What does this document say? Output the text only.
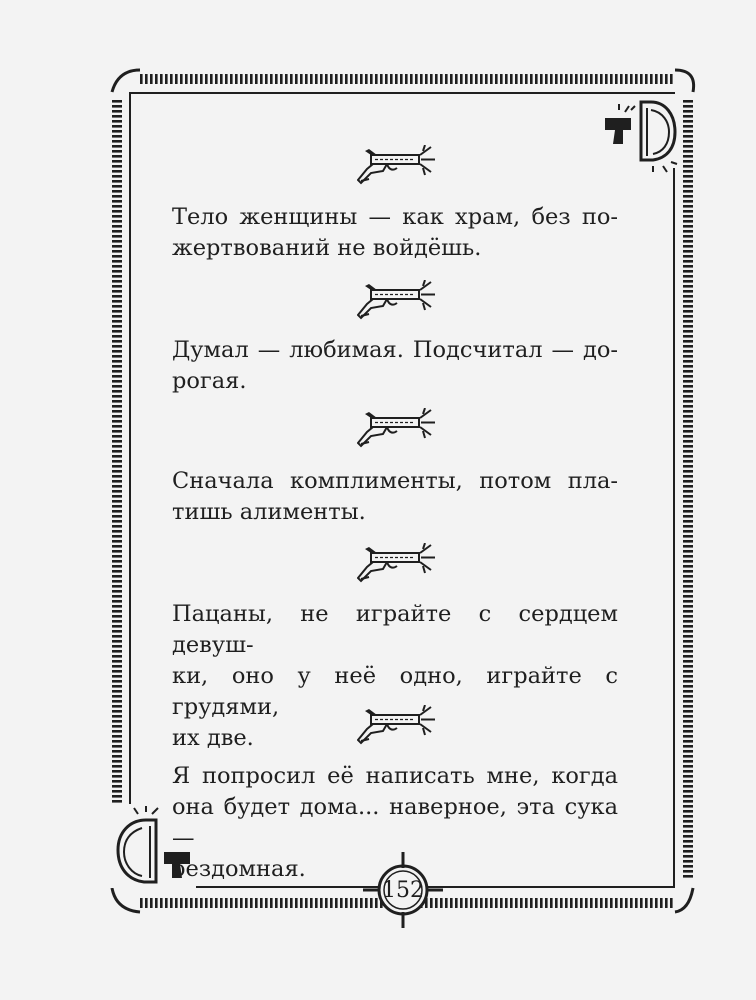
Тело женщины — как храм, без по-
жертвований не войдёшь.
Думал — любимая. Подсчитал — до-
рогая.
Сначала комплименты, потом пла-
тишь алименты.
Пацаны, не играйте с сердцем девуш-
ки, оно у неё одно, играйте с грудями,
их две.
Я попросил её написать мне, когда
она будет дома... наверное, эта сука —
бездомная.
152
